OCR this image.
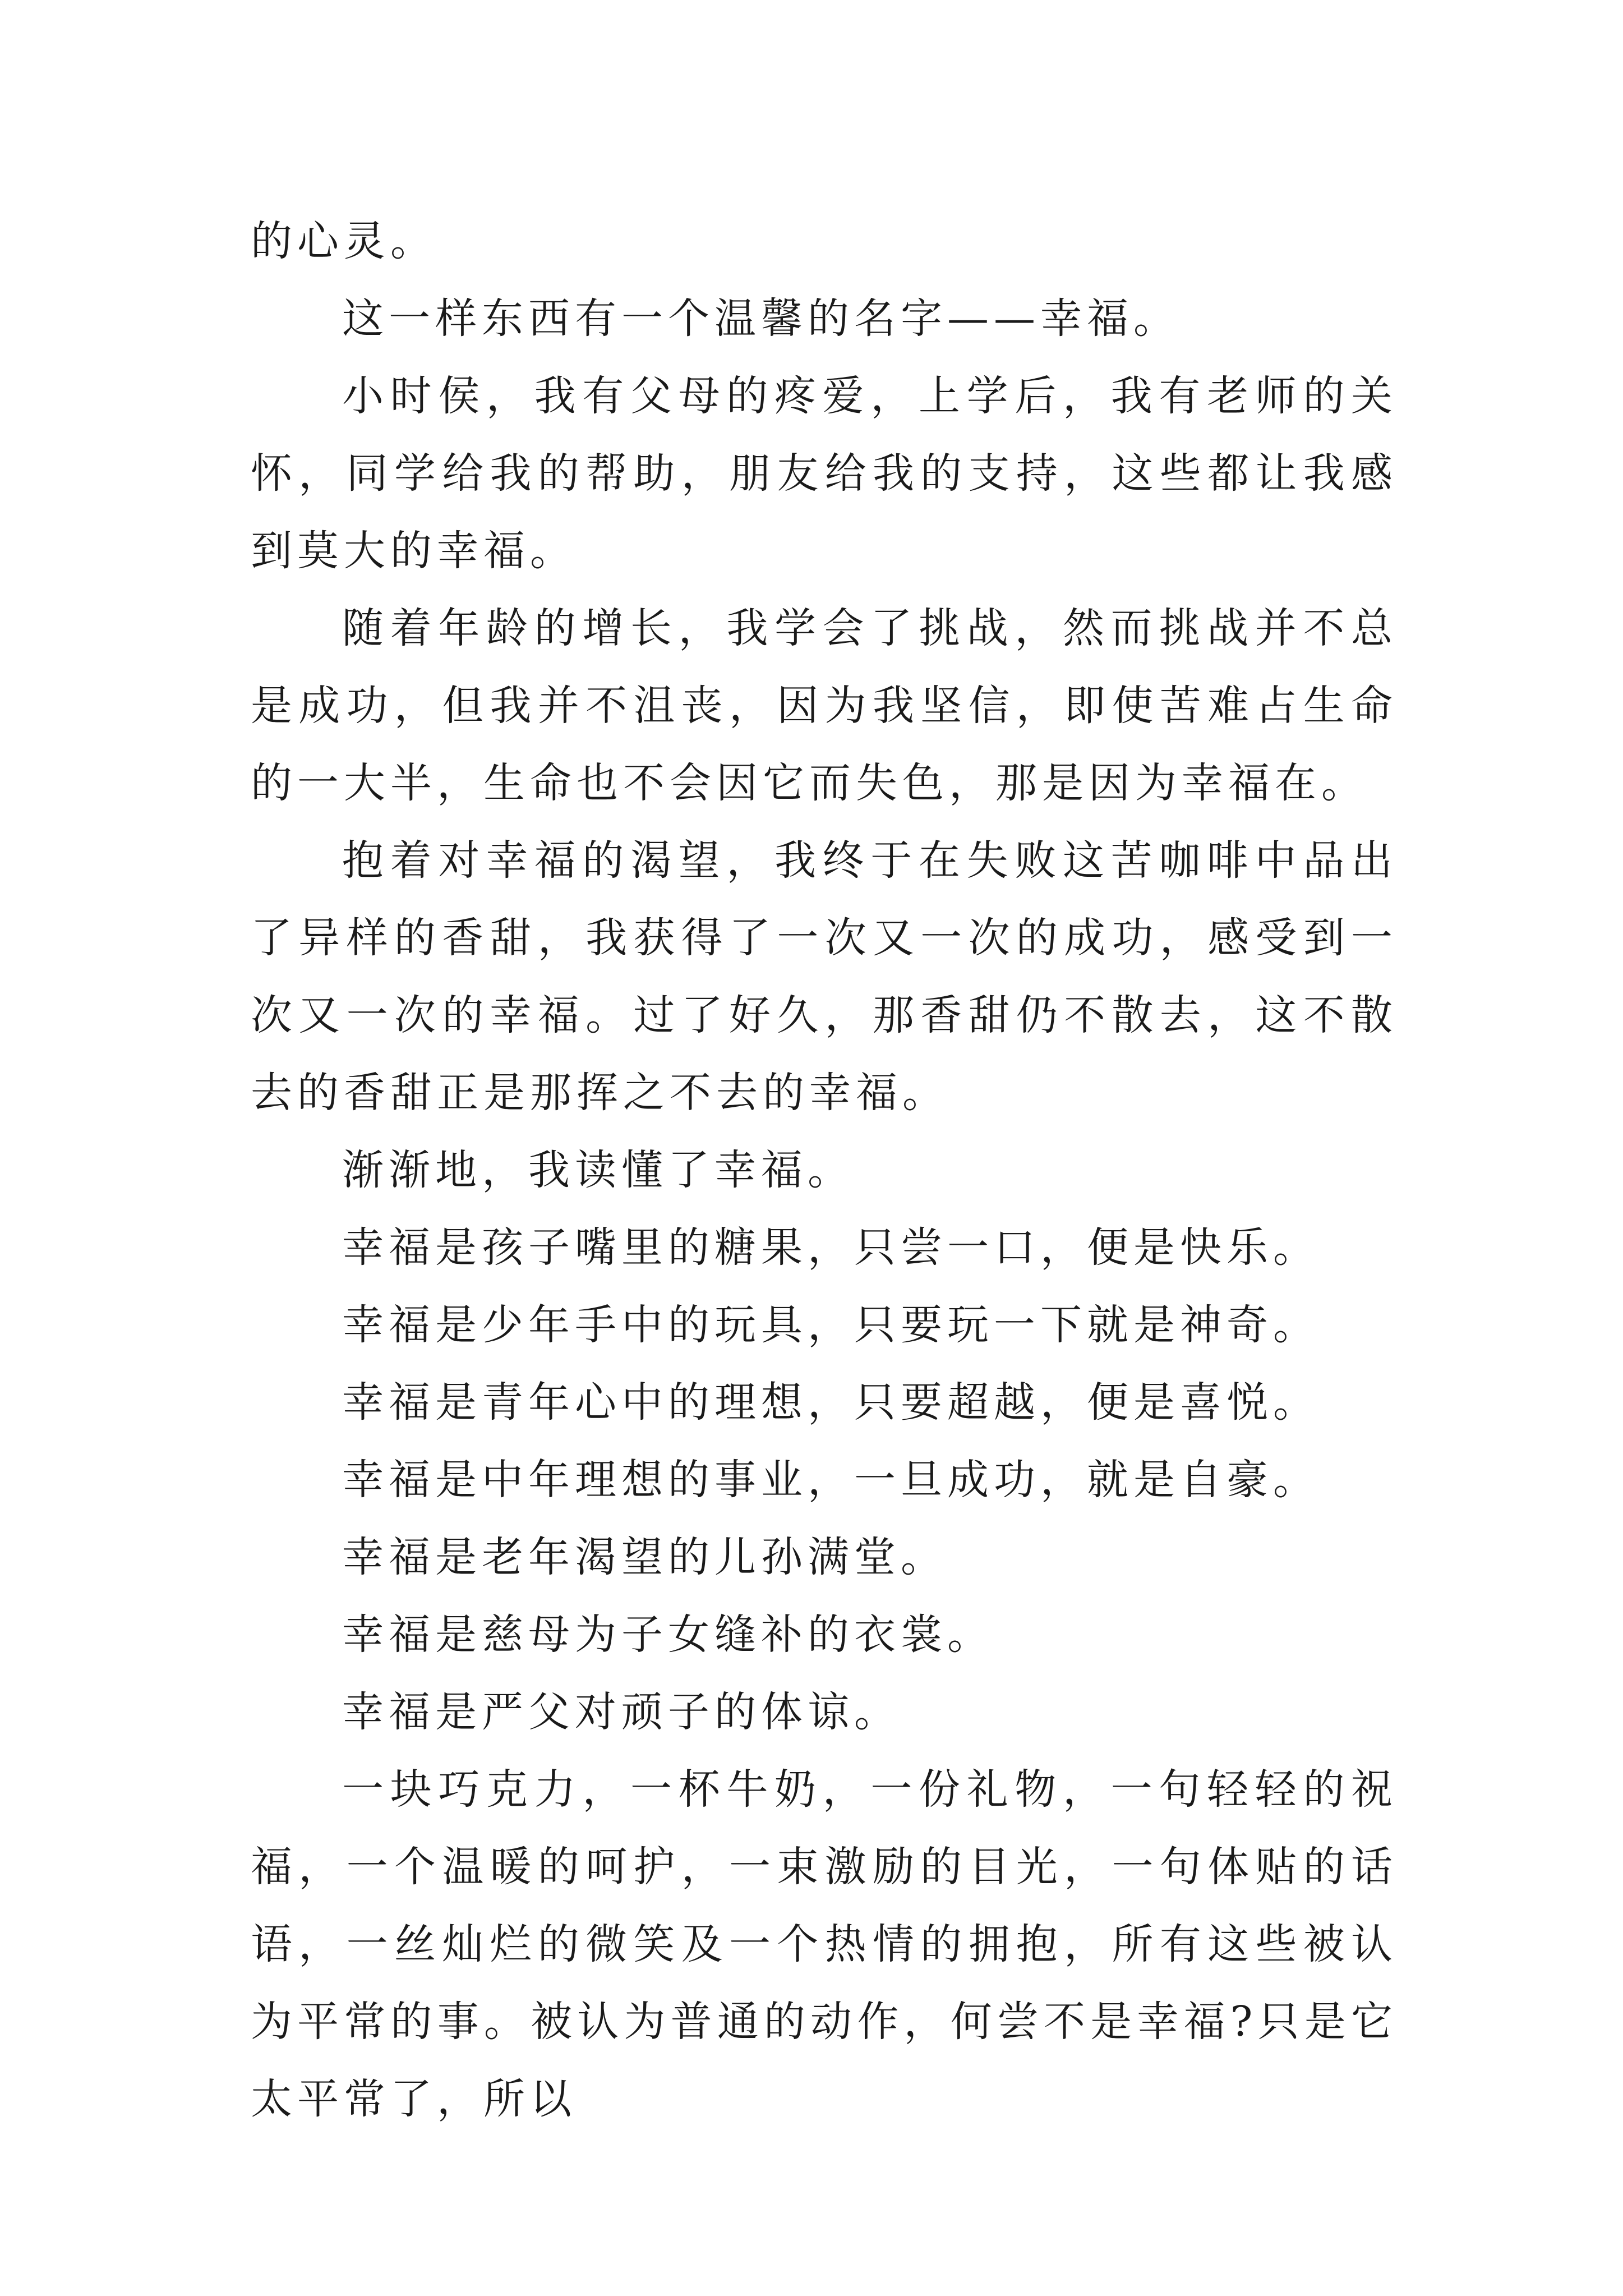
的心灵。

这一样东西有一个温馨的名字——幸福。

小时侯，我有父母的疼爱，上学后，我有老师的关怀，同学给我的帮助，朋友给我的支持，这些都让我感到莫大的幸福。

随着年龄的增长，我学会了挑战，然而挑战并不总是成功，但我并不沮丧，因为我坚信，即使苦难占生命的一大半，生命也不会因它而失色，那是因为幸福在。

抱着对幸福的渴望，我终于在失败这苦咖啡中品出了异样的香甜，我获得了一次又一次的成功，感受到一次又一次的幸福。过了好久，那香甜仍不散去，这不散去的香甜正是那挥之不去的幸福。

渐渐地，我读懂了幸福。

幸福是孩子嘴里的糖果，只尝一口，便是快乐。

幸福是少年手中的玩具，只要玩一下就是神奇。

幸福是青年心中的理想，只要超越，便是喜悦。

幸福是中年理想的事业，一旦成功，就是自豪。

幸福是老年渴望的儿孙满堂。

幸福是慈母为子女缝补的衣裳。

幸福是严父对顽子的体谅。

一块巧克力，一杯牛奶，一份礼物，一句轻轻的祝福，一个温暖的呵护，一束激励的目光，一句体贴的话语，一丝灿烂的微笑及一个热情的拥抱，所有这些被认为平常的事。被认为普通的动作，何尝不是幸福?只是它太平常了，所以
